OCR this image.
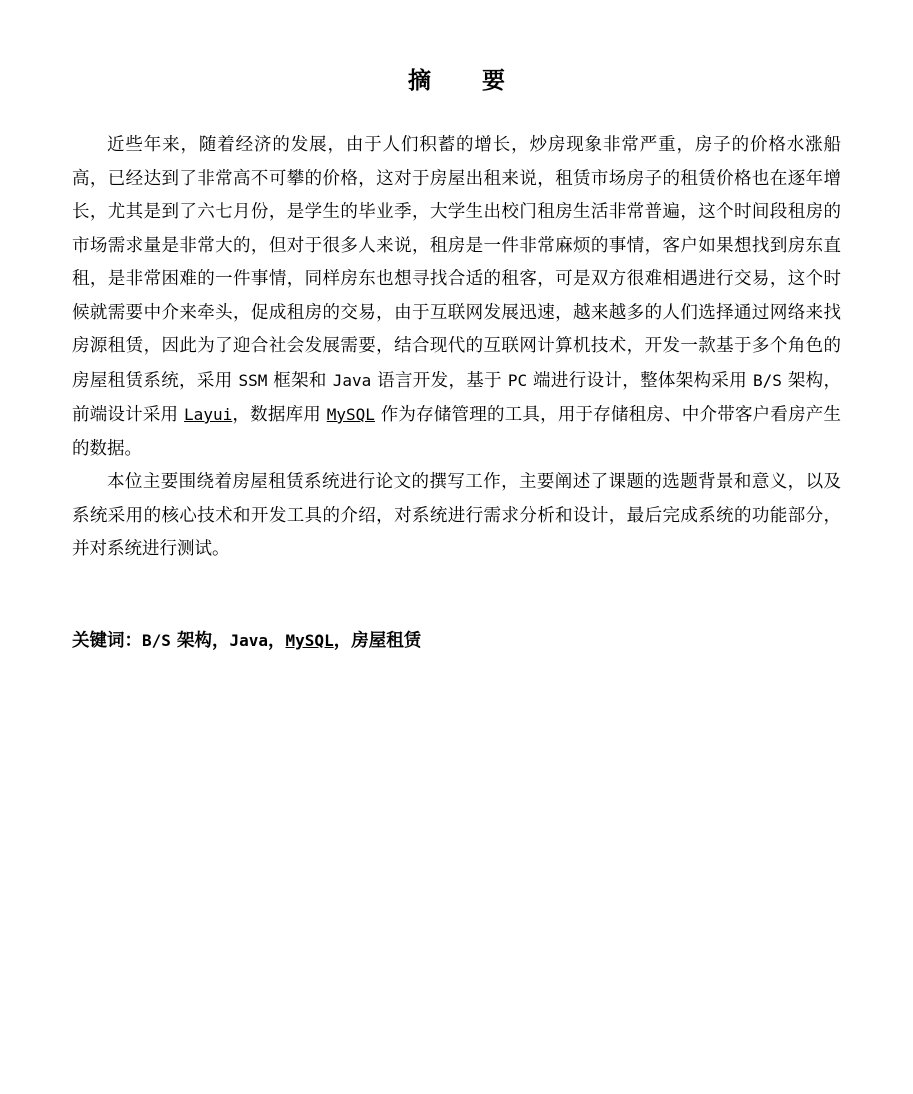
摘　要

近些年来，随着经济的发展，由于人们积蓄的增长，炒房现象非常严重，房子的价格水涨船高，已经达到了非常高不可攀的价格，这对于房屋出租来说，租赁市场房子的租赁价格也在逐年增长，尤其是到了六七月份，是学生的毕业季，大学生出校门租房生活非常普遍，这个时间段租房的市场需求量是非常大的，但对于很多人来说，租房是一件非常麻烦的事情，客户如果想找到房东直租，是非常困难的一件事情，同样房东也想寻找合适的租客，可是双方很难相遇进行交易，这个时候就需要中介来牵头，促成租房的交易，由于互联网发展迅速，越来越多的人们选择通过网络来找房源租赁，因此为了迎合社会发展需要，结合现代的互联网计算机技术，开发一款基于多个角色的房屋租赁系统，采用 SSM 框架和 Java 语言开发，基于 PC 端进行设计，整体架构采用 B/S 架构，前端设计采用 Layui，数据库用 MySQL 作为存储管理的工具，用于存储租房、中介带客户看房产生的数据。

本位主要围绕着房屋租赁系统进行论文的撰写工作，主要阐述了课题的选题背景和意义，以及系统采用的核心技术和开发工具的介绍，对系统进行需求分析和设计，最后完成系统的功能部分，并对系统进行测试。

关键词：B/S 架构，Java，MySQL，房屋租赁
